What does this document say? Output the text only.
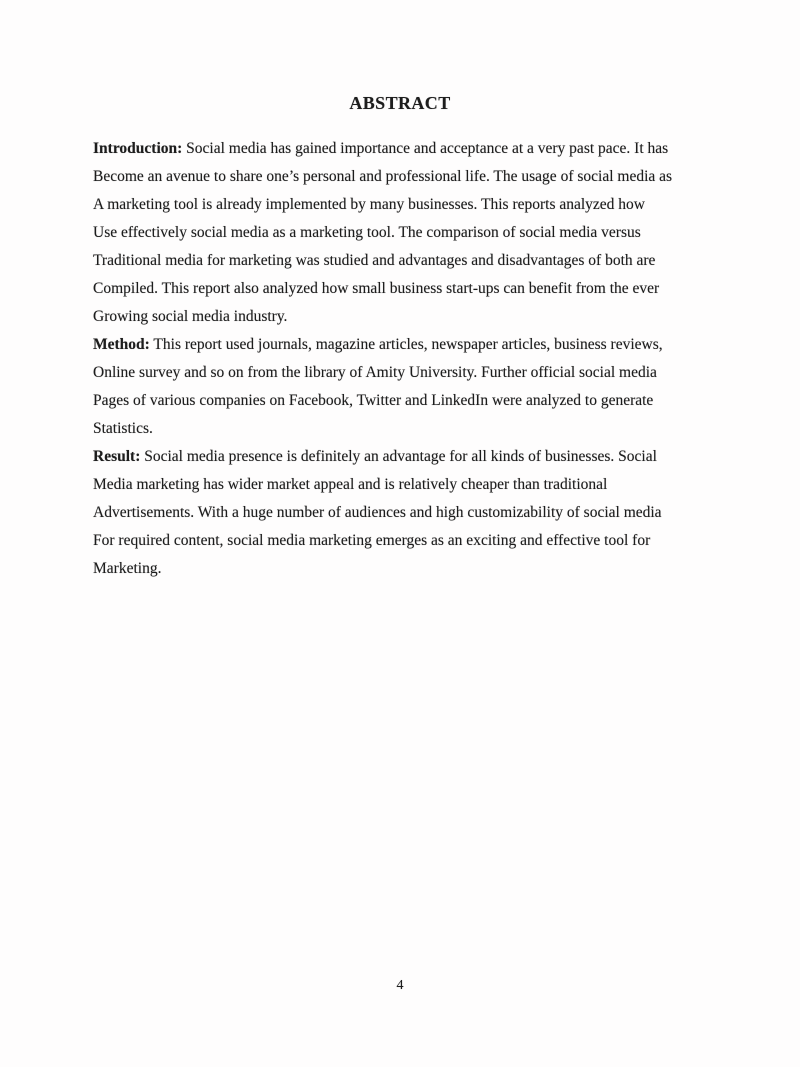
ABSTRACT
Introduction: Social media has gained importance and acceptance at a very past pace. It has
Become an avenue to share one’s personal and professional life. The usage of social media as
A marketing tool is already implemented by many businesses. This reports analyzed how
Use effectively social media as a marketing tool. The comparison of social media versus
Traditional media for marketing was studied and advantages and disadvantages of both are
Compiled. This report also analyzed how small business start-ups can benefit from the ever
Growing social media industry.
Method: This report used journals, magazine articles, newspaper articles, business reviews,
Online survey and so on from the library of Amity University. Further official social media
Pages of various companies on Facebook, Twitter and LinkedIn were analyzed to generate
Statistics.
Result: Social media presence is definitely an advantage for all kinds of businesses. Social
Media marketing has wider market appeal and is relatively cheaper than traditional
Advertisements. With a huge number of audiences and high customizability of social media
For required content, social media marketing emerges as an exciting and effective tool for
Marketing.
4
